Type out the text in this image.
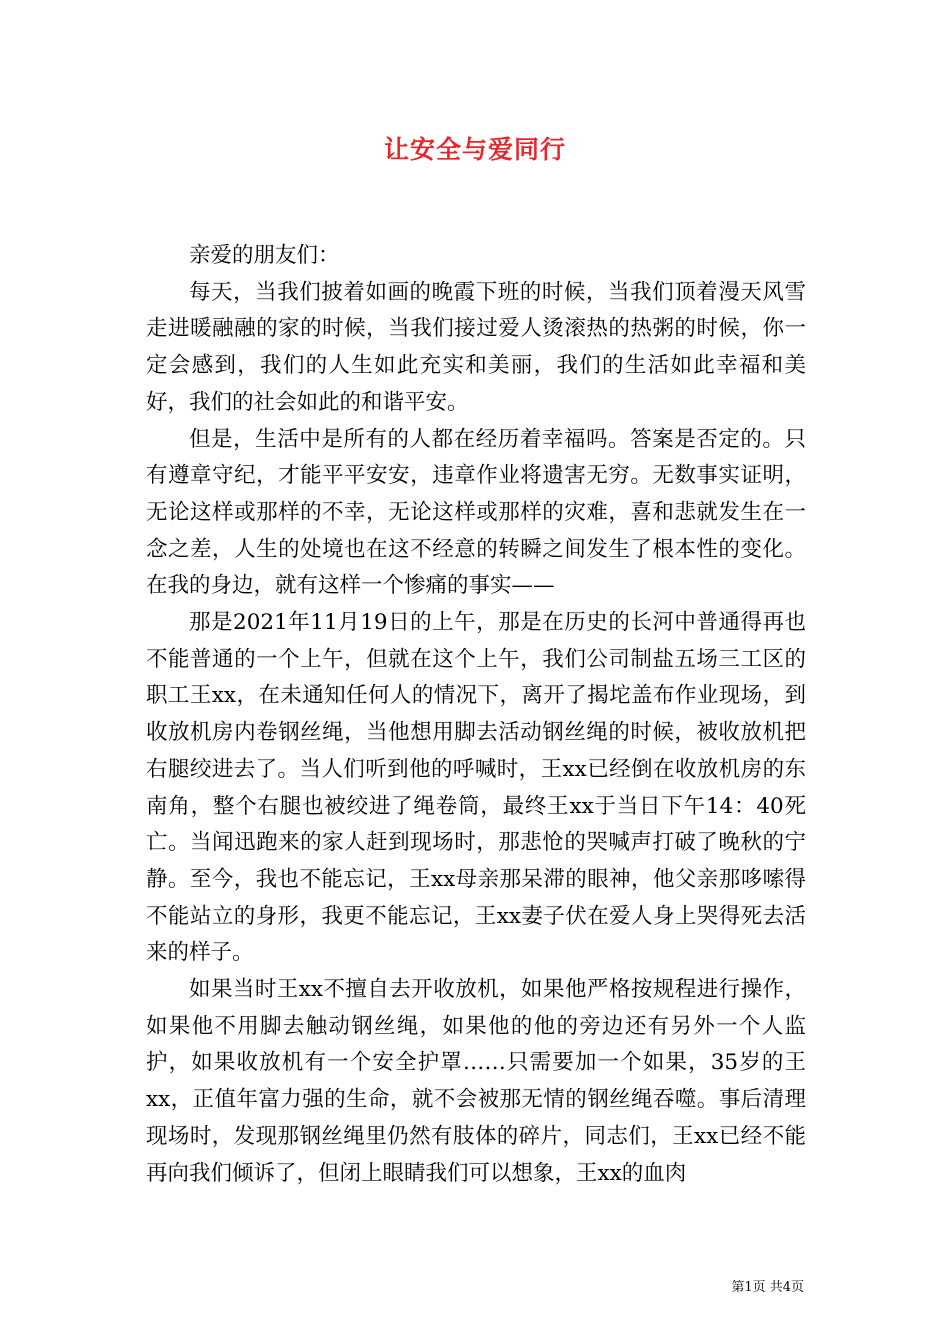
让安全与爱同行

亲爱的朋友们：

每天，当我们披着如画的晚霞下班的时候，当我们顶着漫天风雪走进暖融融的家的时候，当我们接过爱人烫滚热的热粥的时候，你一定会感到，我们的人生如此充实和美丽，我们的生活如此幸福和美好，我们的社会如此的和谐平安。

但是，生活中是所有的人都在经历着幸福吗。答案是否定的。只有遵章守纪，才能平平安安，违章作业将遗害无穷。无数事实证明，无论这样或那样的不幸，无论这样或那样的灾难，喜和悲就发生在一念之差，人生的处境也在这不经意的转瞬之间发生了根本性的变化。在我的身边，就有这样一个惨痛的事实——

那是2021年11月19日的上午，那是在历史的长河中普通得再也不能普通的一个上午，但就在这个上午，我们公司制盐五场三工区的职工王xx，在未通知任何人的情况下，离开了揭坨盖布作业现场，到收放机房内卷钢丝绳，当他想用脚去活动钢丝绳的时候，被收放机把右腿绞进去了。当人们听到他的呼喊时，王xx已经倒在收放机房的东南角，整个右腿也被绞进了绳卷筒，最终王xx于当日下午14：40死亡。当闻迅跑来的家人赶到现场时，那悲怆的哭喊声打破了晚秋的宁静。至今，我也不能忘记，王xx母亲那呆滞的眼神，他父亲那哆嗦得不能站立的身形，我更不能忘记，王xx妻子伏在爱人身上哭得死去活来的样子。

如果当时王xx不擅自去开收放机，如果他严格按规程进行操作，如果他不用脚去触动钢丝绳，如果他的他的旁边还有另外一个人监护，如果收放机有一个安全护罩……只需要加一个如果，35岁的王xx，正值年富力强的生命，就不会被那无情的钢丝绳吞噬。事后清理现场时，发现那钢丝绳里仍然有肢体的碎片，同志们，王xx已经不能再向我们倾诉了，但闭上眼睛我们可以想象，王xx的血肉

第1页 共4页
